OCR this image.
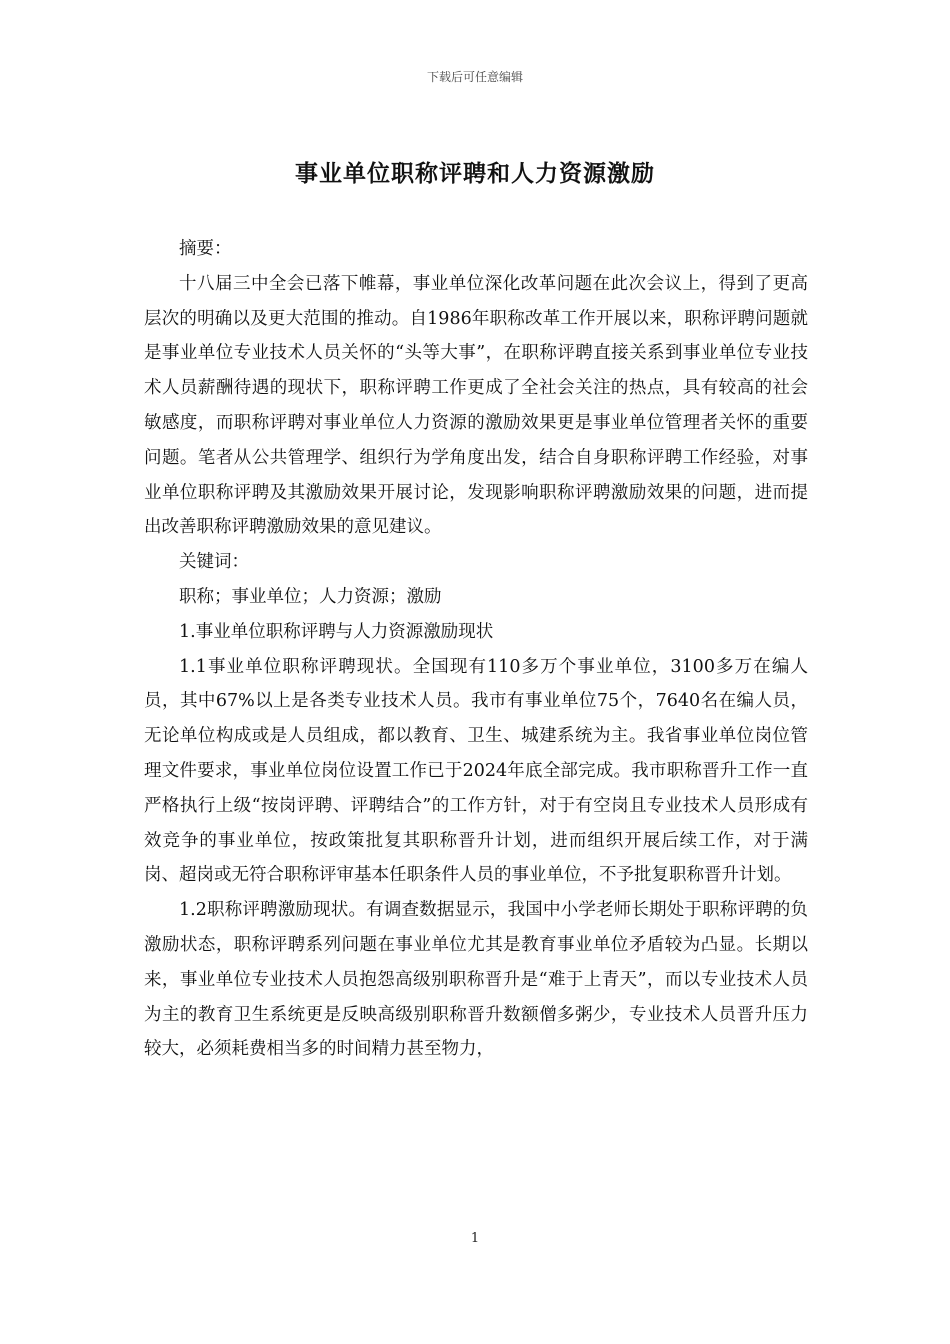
下载后可任意编辑
事业单位职称评聘和人力资源激励

摘要：

十八届三中全会已落下帷幕，事业单位深化改革问题在此次会议上，得到了更高层次的明确以及更大范围的推动。自1986年职称改革工作开展以来，职称评聘问题就是事业单位专业技术人员关怀的“头等大事”，在职称评聘直接关系到事业单位专业技术人员薪酬待遇的现状下，职称评聘工作更成了全社会关注的热点，具有较高的社会敏感度，而职称评聘对事业单位人力资源的激励效果更是事业单位管理者关怀的重要问题。笔者从公共管理学、组织行为学角度出发，结合自身职称评聘工作经验，对事业单位职称评聘及其激励效果开展讨论，发现影响职称评聘激励效果的问题，进而提出改善职称评聘激励效果的意见建议。

关键词：

职称；事业单位；人力资源；激励

1.事业单位职称评聘与人力资源激励现状

1.1事业单位职称评聘现状。全国现有110多万个事业单位，3100多万在编人员，其中67%以上是各类专业技术人员。我市有事业单位75个，7640名在编人员，无论单位构成或是人员组成，都以教育、卫生、城建系统为主。我省事业单位岗位管理文件要求，事业单位岗位设置工作已于2024年底全部完成。我市职称晋升工作一直严格执行上级“按岗评聘、评聘结合”的工作方针，对于有空岗且专业技术人员形成有效竞争的事业单位，按政策批复其职称晋升计划，进而组织开展后续工作，对于满岗、超岗或无符合职称评审基本任职条件人员的事业单位，不予批复职称晋升计划。

1.2职称评聘激励现状。有调查数据显示，我国中小学老师长期处于职称评聘的负激励状态，职称评聘系列问题在事业单位尤其是教育事业单位矛盾较为凸显。长期以来，事业单位专业技术人员抱怨高级别职称晋升是“难于上青天”，而以专业技术人员为主的教育卫生系统更是反映高级别职称晋升数额僧多粥少，专业技术人员晋升压力较大，必须耗费相当多的时间精力甚至物力，

1
